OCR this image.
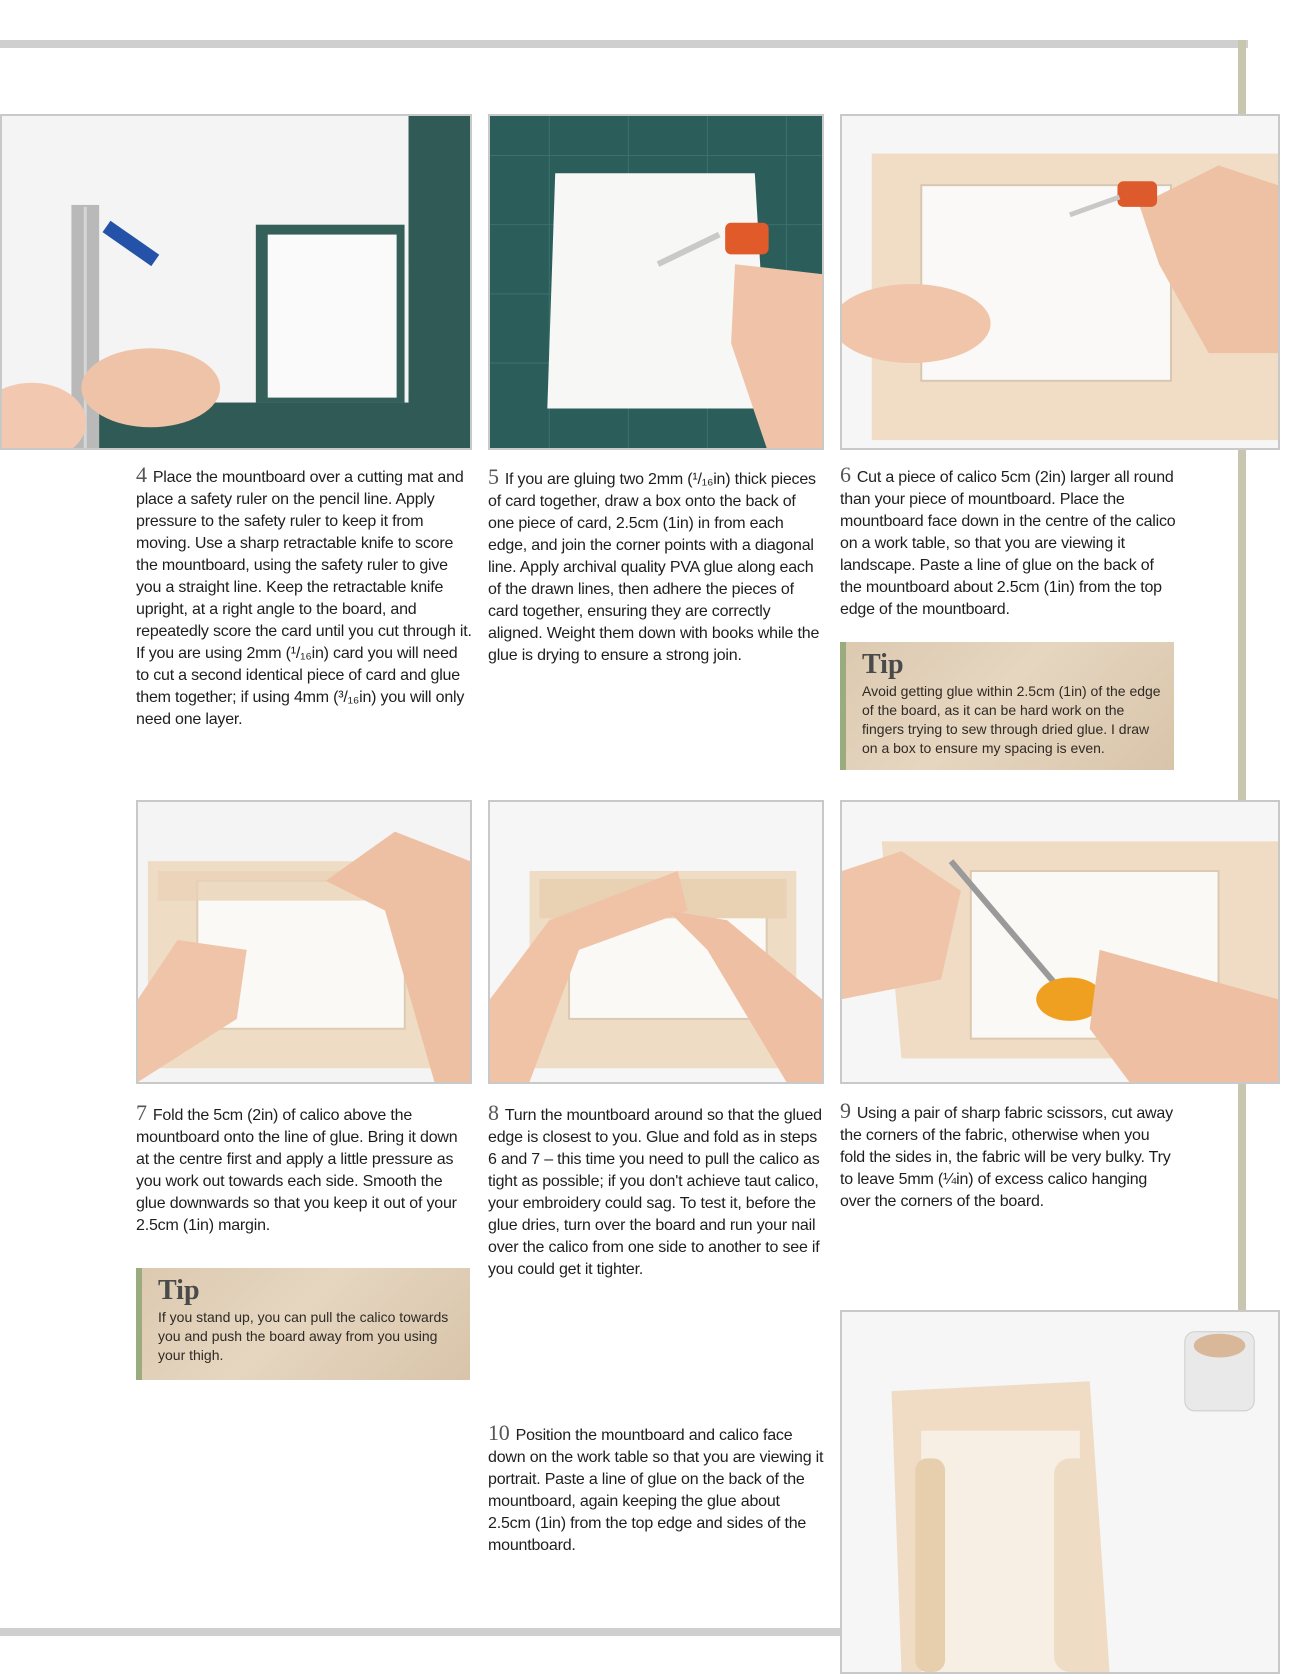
4 Place the mountboard over a cutting mat and place a safety ruler on the pencil line. Apply pressure to the safety ruler to keep it from moving. Use a sharp retractable knife to score the mountboard, using the safety ruler to give you a straight line. Keep the retractable knife upright, at a right angle to the board, and repeatedly score the card until you cut through it. If you are using 2mm (¹/₁₆in) card you will need to cut a second identical piece of card and glue them together; if using 4mm (³/₁₆in) you will only need one layer.
5 If you are gluing two 2mm (¹/₁₆in) thick pieces of card together, draw a box onto the back of one piece of card, 2.5cm (1in) in from each edge, and join the corner points with a diagonal line. Apply archival quality PVA glue along each of the drawn lines, then adhere the pieces of card together, ensuring they are correctly aligned. Weight them down with books while the glue is drying to ensure a strong join.
6 Cut a piece of calico 5cm (2in) larger all round than your piece of mountboard. Place the mountboard face down in the centre of the calico on a work table, so that you are viewing it landscape. Paste a line of glue on the back of the mountboard about 2.5cm (1in) from the top edge of the mountboard.
Tip
Avoid getting glue within 2.5cm (1in) of the edge of the board, as it can be hard work on the fingers trying to sew through dried glue. I draw on a box to ensure my spacing is even.
7 Fold the 5cm (2in) of calico above the mountboard onto the line of glue. Bring it down at the centre first and apply a little pressure as you work out towards each side. Smooth the glue downwards so that you keep it out of your 2.5cm (1in) margin.
8 Turn the mountboard around so that the glued edge is closest to you. Glue and fold as in steps 6 and 7 – this time you need to pull the calico as tight as possible; if you don't achieve taut calico, your embroidery could sag. To test it, before the glue dries, turn over the board and run your nail over the calico from one side to another to see if you could get it tighter.
9 Using a pair of sharp fabric scissors, cut away the corners of the fabric, otherwise when you fold the sides in, the fabric will be very bulky. Try to leave 5mm (¼in) of excess calico hanging over the corners of the board.
Tip
If you stand up, you can pull the calico towards you and push the board away from you using your thigh.
10 Position the mountboard and calico face down on the work table so that you are viewing it portrait. Paste a line of glue on the back of the mountboard, again keeping the glue about 2.5cm (1in) from the top edge and sides of the mountboard.
